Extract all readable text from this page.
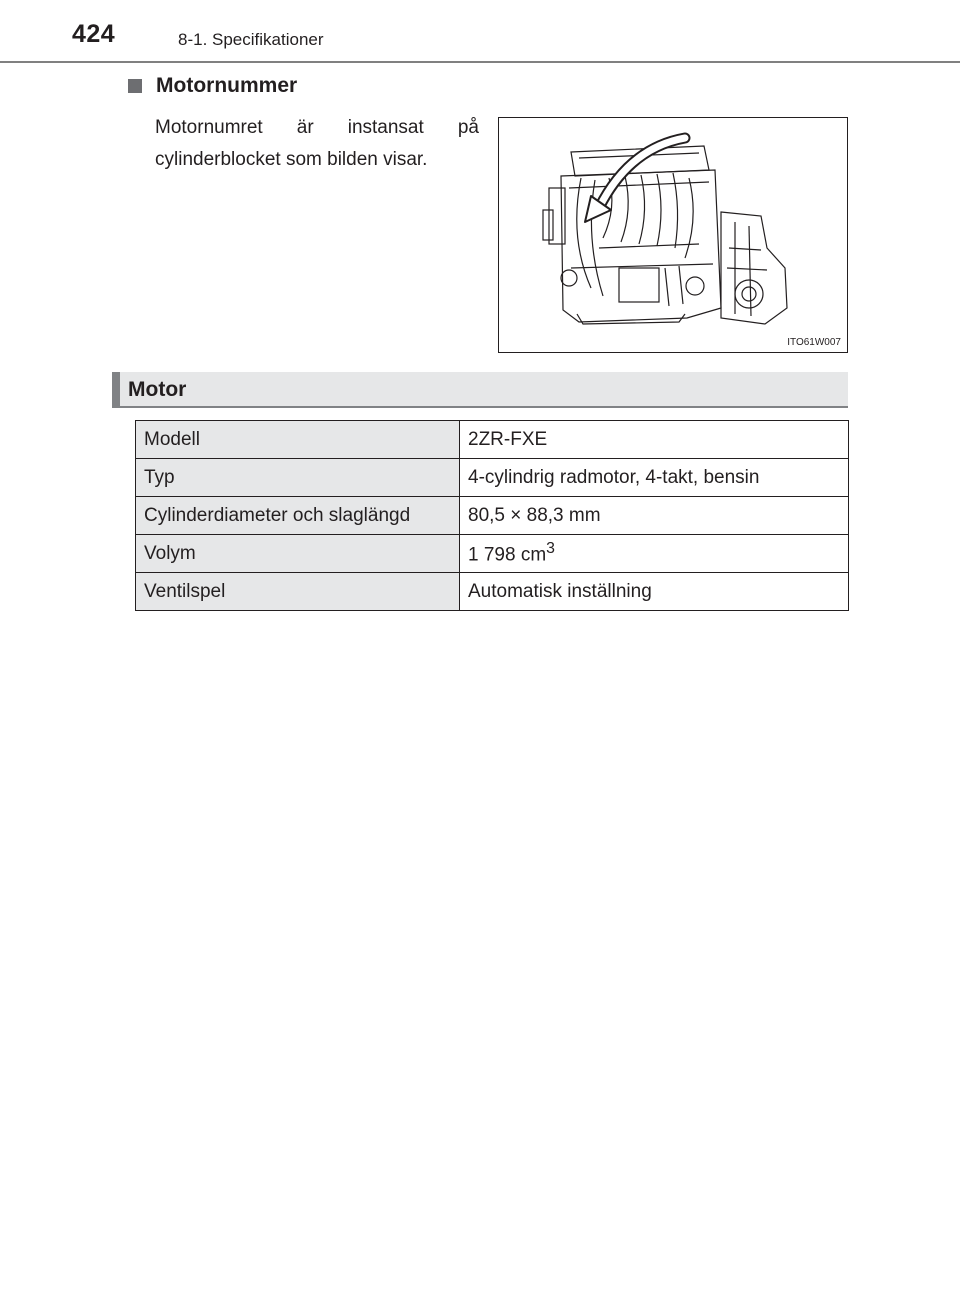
424	8-1. Specifikationer
Motornummer
Motornumret är instansat på cylinderblocket som bilden visar.
ITO61W007
Motor
Modell	2ZR-FXE
Typ	4-cylindrig radmotor, 4-takt, bensin
Cylinderdiameter och slaglängd	80,5 × 88,3 mm
Volym	1 798 $cm^3$
Ventilspel	Automatisk inställning
